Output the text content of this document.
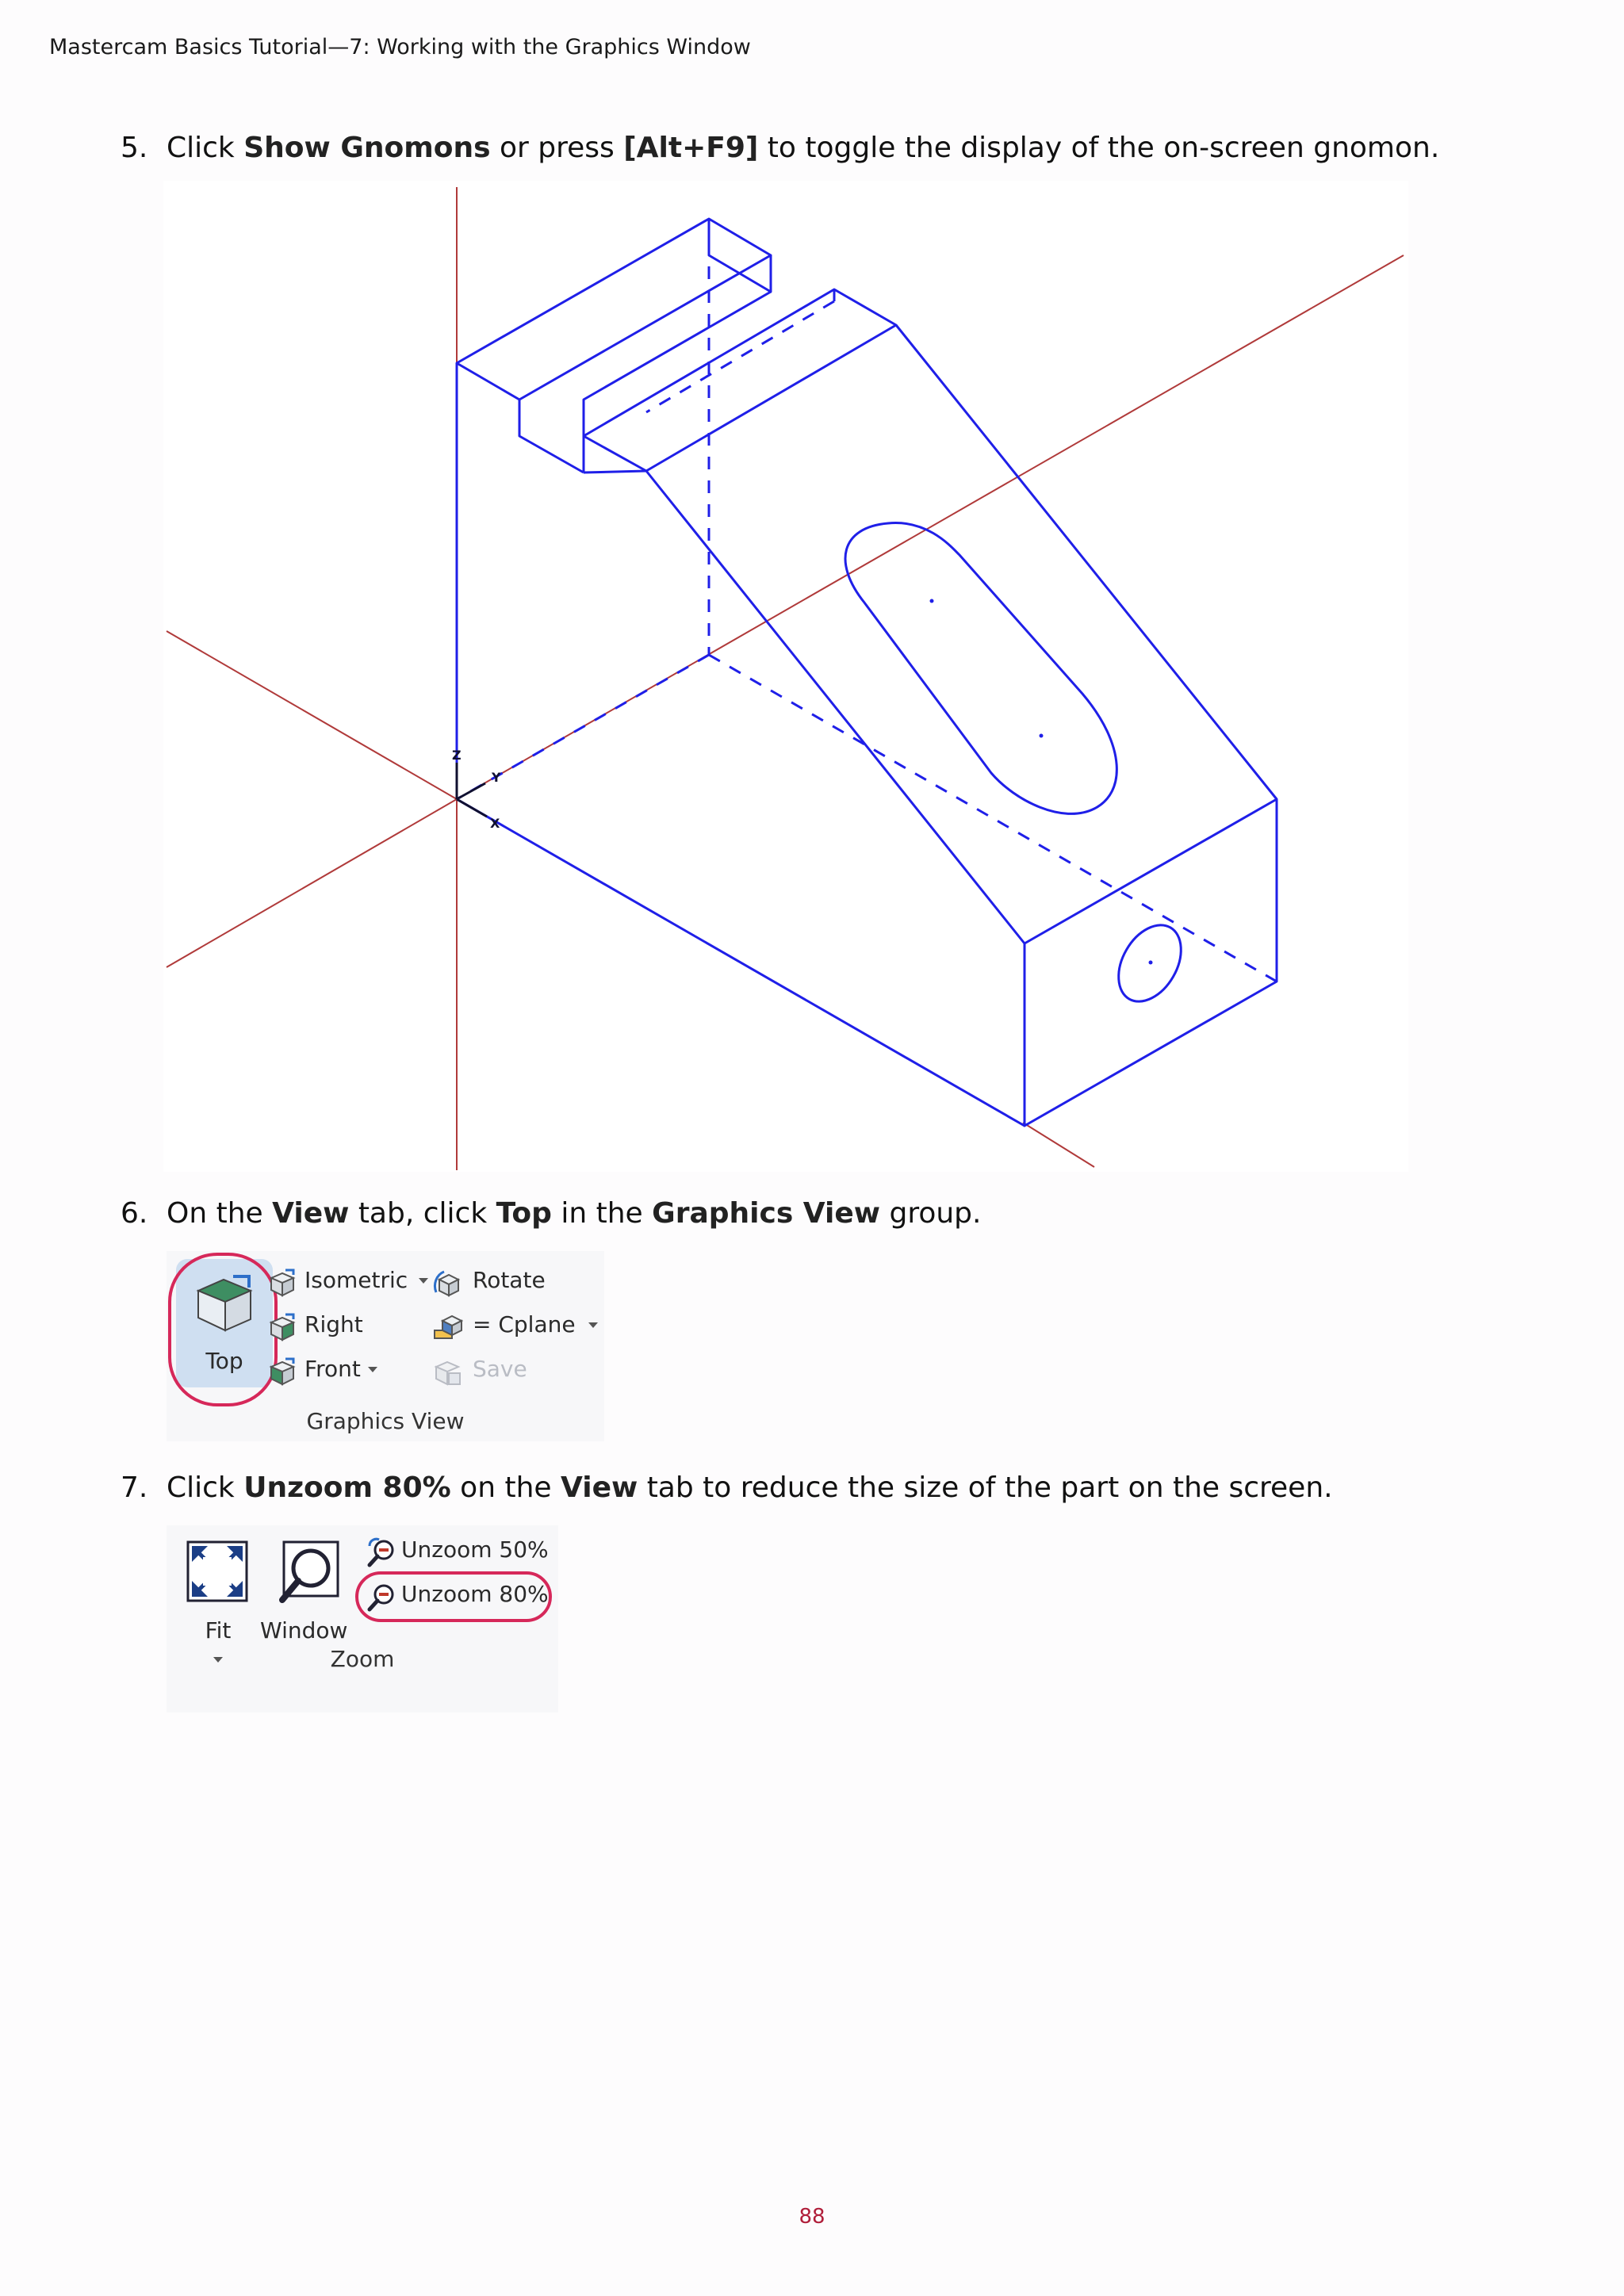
Mastercam Basics Tutorial—7: Working with the Graphics Window
5. Click Show Gnomons or press [Alt+F9] to toggle the display of the on-screen gnomon.
Z
Y
X
6. On the View tab, click Top in the Graphics View group.
Top
Isometric
Right
Front
Rotate
= Cplane
Save
Graphics View
7. Click Unzoom 80% on the View tab to reduce the size of the part on the screen.
Fit	Window
Unzoom 50%
Unzoom 80%
Zoom
88
